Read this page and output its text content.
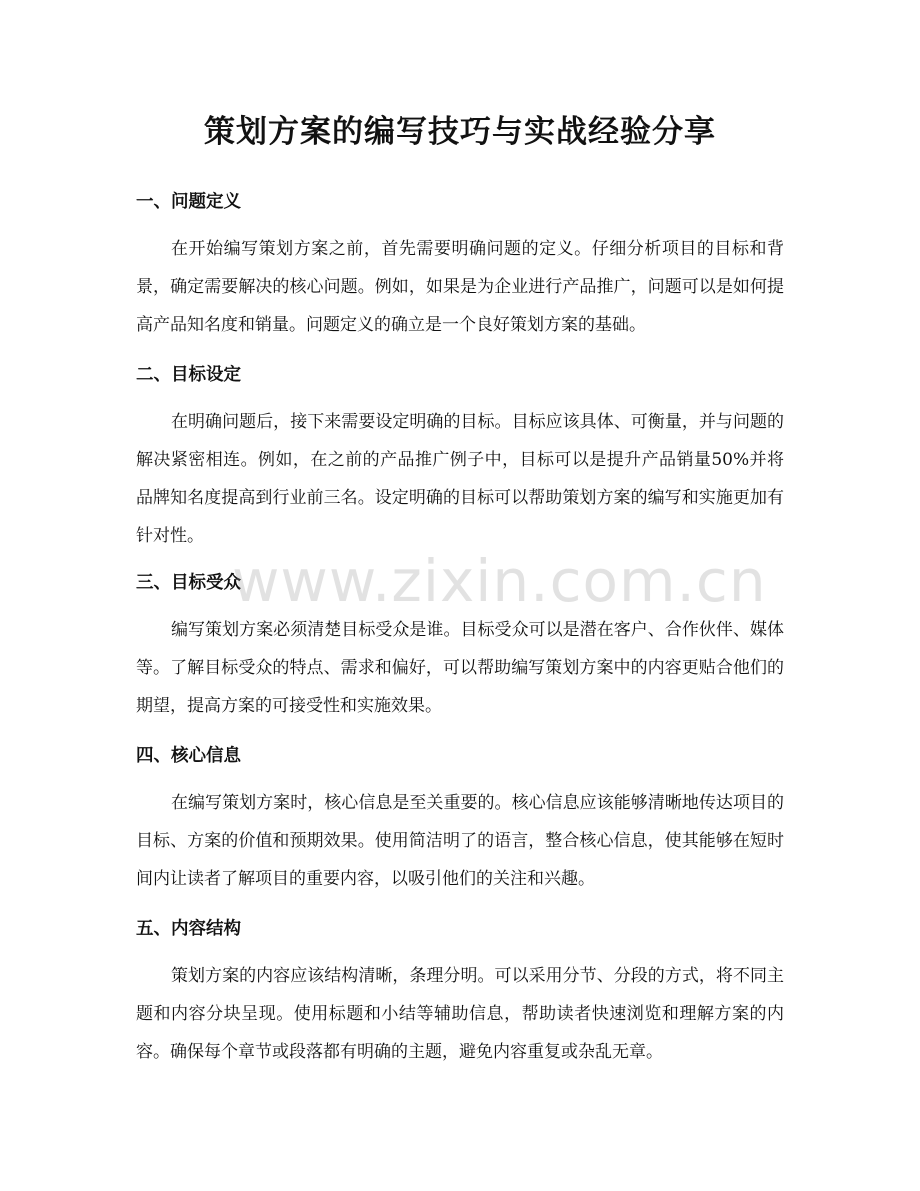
策划方案的编写技巧与实战经验分享
一、问题定义

在开始编写策划方案之前，首先需要明确问题的定义。仔细分析项目的目标和背景，确定需要解决的核心问题。例如，如果是为企业进行产品推广，问题可以是如何提高产品知名度和销量。问题定义的确立是一个良好策划方案的基础。

二、目标设定

在明确问题后，接下来需要设定明确的目标。目标应该具体、可衡量，并与问题的解决紧密相连。例如，在之前的产品推广例子中，目标可以是提升产品销量50%并将品牌知名度提高到行业前三名。设定明确的目标可以帮助策划方案的编写和实施更加有针对性。

三、目标受众

编写策划方案必须清楚目标受众是谁。目标受众可以是潜在客户、合作伙伴、媒体等。了解目标受众的特点、需求和偏好，可以帮助编写策划方案中的内容更贴合他们的期望，提高方案的可接受性和实施效果。

四、核心信息

在编写策划方案时，核心信息是至关重要的。核心信息应该能够清晰地传达项目的目标、方案的价值和预期效果。使用简洁明了的语言，整合核心信息，使其能够在短时间内让读者了解项目的重要内容，以吸引他们的关注和兴趣。

五、内容结构

策划方案的内容应该结构清晰，条理分明。可以采用分节、分段的方式，将不同主题和内容分块呈现。使用标题和小结等辅助信息，帮助读者快速浏览和理解方案的内容。确保每个章节或段落都有明确的主题，避免内容重复或杂乱无章。

www.zixin.com.cn
